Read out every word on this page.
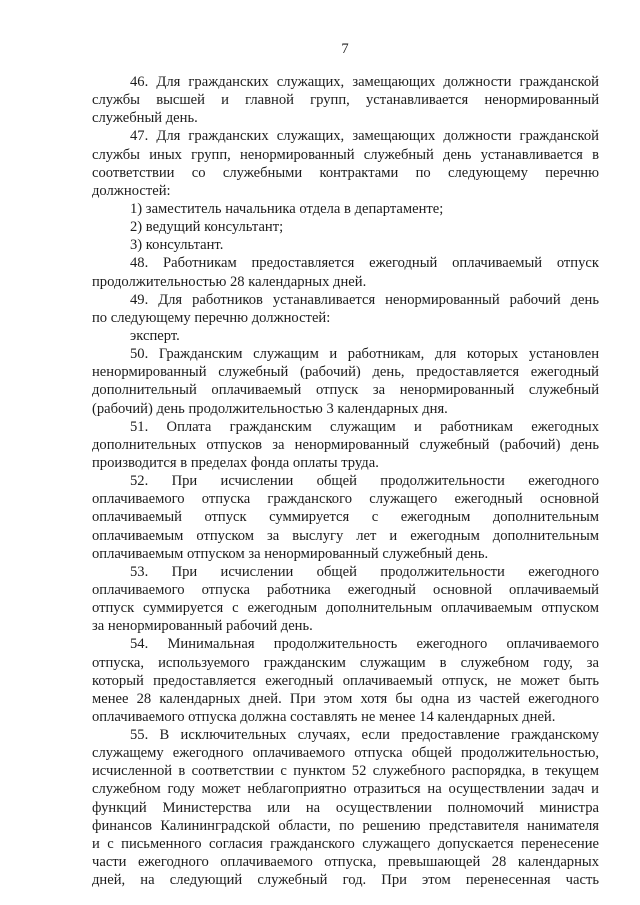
7
46. Для гражданских служащих, замещающих должности гражданской
службы высшей и главной групп, устанавливается ненормированный
служебный день.
47. Для гражданских служащих, замещающих должности гражданской
службы иных групп, ненормированный служебный день устанавливается в
соответствии со служебными контрактами по следующему перечню
должностей:
1) заместитель начальника отдела в департаменте;
2) ведущий консультант;
3) консультант.
48. Работникам предоставляется ежегодный оплачиваемый отпуск
продолжительностью 28 календарных дней.
49. Для работников устанавливается ненормированный рабочий день
по следующему перечню должностей:
эксперт.
50. Гражданским служащим и работникам, для которых установлен
ненормированный служебный (рабочий) день, предоставляется ежегодный
дополнительный оплачиваемый отпуск за ненормированный служебный
(рабочий) день продолжительностью 3 календарных дня.
51. Оплата гражданским служащим и работникам ежегодных
дополнительных отпусков за ненормированный служебный (рабочий) день
производится в пределах фонда оплаты труда.
52. При исчислении общей продолжительности ежегодного
оплачиваемого отпуска гражданского служащего ежегодный основной
оплачиваемый отпуск суммируется с ежегодным дополнительным
оплачиваемым отпуском за выслугу лет и ежегодным дополнительным
оплачиваемым отпуском за ненормированный служебный день.
53. При исчислении общей продолжительности ежегодного
оплачиваемого отпуска работника ежегодный основной оплачиваемый
отпуск суммируется с ежегодным дополнительным оплачиваемым отпуском
за ненормированный рабочий день.
54. Минимальная продолжительность ежегодного оплачиваемого
отпуска, используемого гражданским служащим в служебном году, за
который предоставляется ежегодный оплачиваемый отпуск, не может быть
менее 28 календарных дней. При этом хотя бы одна из частей ежегодного
оплачиваемого отпуска должна составлять не менее 14 календарных дней.
55. В исключительных случаях, если предоставление гражданскому
служащему ежегодного оплачиваемого отпуска общей продолжительностью,
исчисленной в соответствии с пунктом 52 служебного распорядка, в текущем
служебном году может неблагоприятно отразиться на осуществлении задач и
функций Министерства или на осуществлении полномочий министра
финансов Калининградской области, по решению представителя нанимателя
и с письменного согласия гражданского служащего допускается перенесение
части ежегодного оплачиваемого отпуска, превышающей 28 календарных
дней, на следующий служебный год. При этом перенесенная часть
